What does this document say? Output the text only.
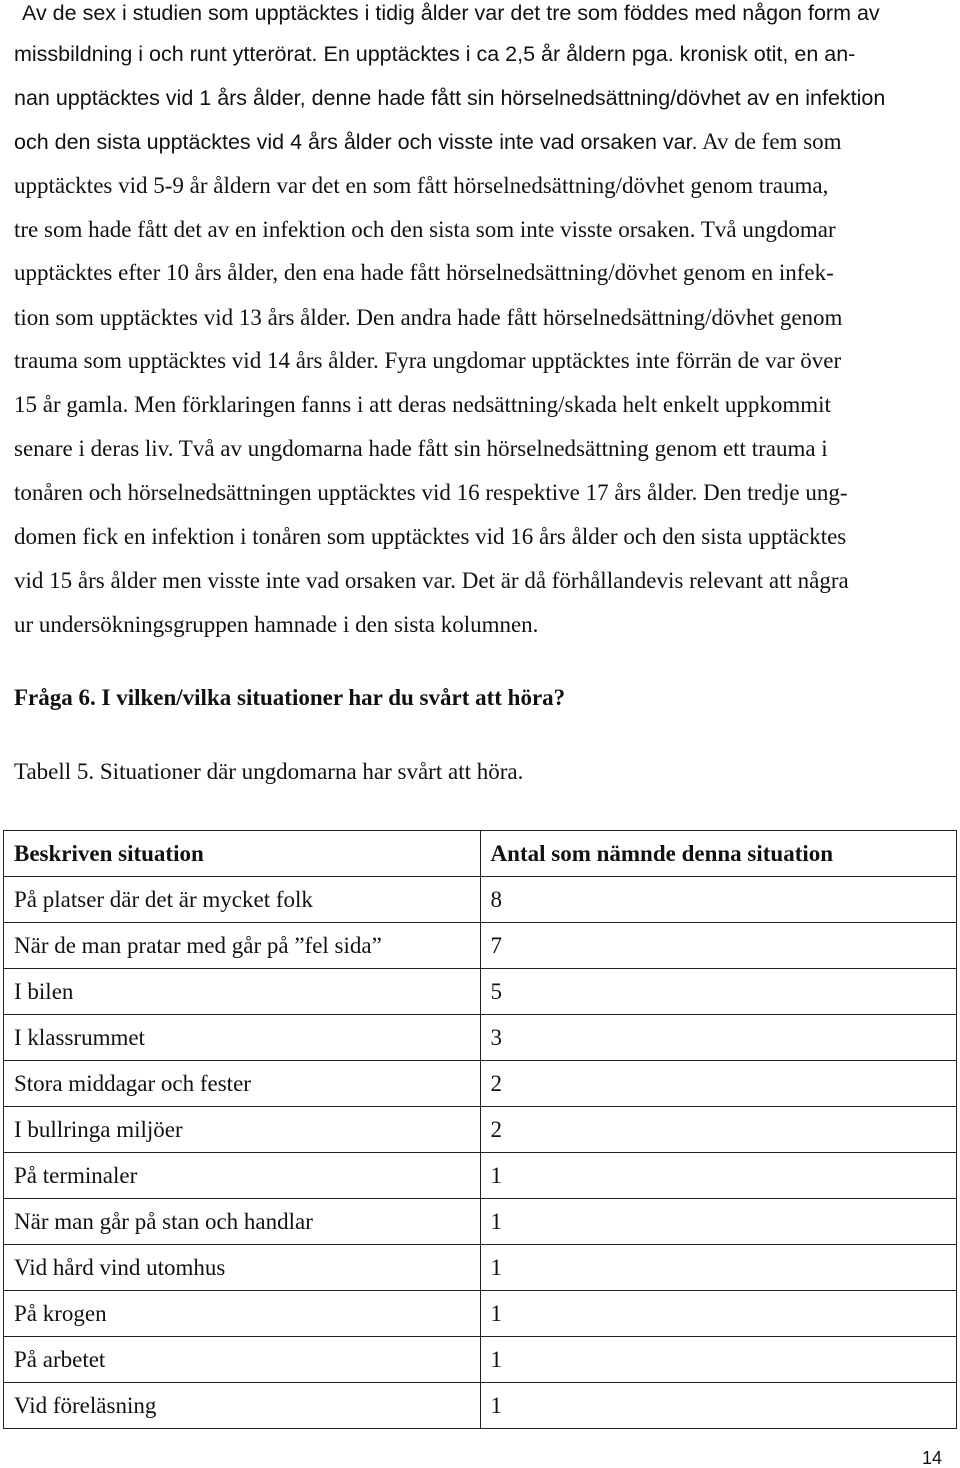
Av de sex i studien som upptäcktes i tidig ålder var det tre som föddes med någon form av
missbildning i och runt ytterörat. En upptäcktes i ca 2,5 år åldern pga. kronisk otit, en an-
nan upptäcktes vid 1 års ålder, denne hade fått sin hörselnedsättning/dövhet av en infektion
och den sista upptäcktes vid 4 års ålder och visste inte vad orsaken var. Av de fem som
upptäcktes vid 5-9 år åldern var det en som fått hörselnedsättning/dövhet genom trauma,
tre som hade fått det av en infektion och den sista som inte visste orsaken. Två ungdomar
upptäcktes efter 10 års ålder, den ena hade fått hörselnedsättning/dövhet genom en infek-
tion som upptäcktes vid 13 års ålder. Den andra hade fått hörselnedsättning/dövhet genom
trauma som upptäcktes vid 14 års ålder. Fyra ungdomar upptäcktes inte förrän de var över
15 år gamla. Men förklaringen fanns i att deras nedsättning/skada helt enkelt uppkommit
senare i deras liv. Två av ungdomarna hade fått sin hörselnedsättning genom ett trauma i
tonåren och hörselnedsättningen upptäcktes vid 16 respektive 17 års ålder. Den tredje ung-
domen fick en infektion i tonåren som upptäcktes vid 16 års ålder och den sista upptäcktes
vid 15 års ålder men visste inte vad orsaken var. Det är då förhållandevis relevant att några
ur undersökningsgruppen hamnade i den sista kolumnen.
Fråga 6. I vilken/vilka situationer har du svårt att höra?
Tabell 5. Situationer där ungdomarna har svårt att höra.
Beskriven situation	Antal som nämnde denna situation
På platser där det är mycket folk	8
När de man pratar med går på ”fel sida”	7
I bilen	5
I klassrummet	3
Stora middagar och fester	2
I bullringa miljöer	2
På terminaler	1
När man går på stan och handlar	1
Vid hård vind utomhus	1
På krogen	1
På arbetet	1
Vid föreläsning	1
14
